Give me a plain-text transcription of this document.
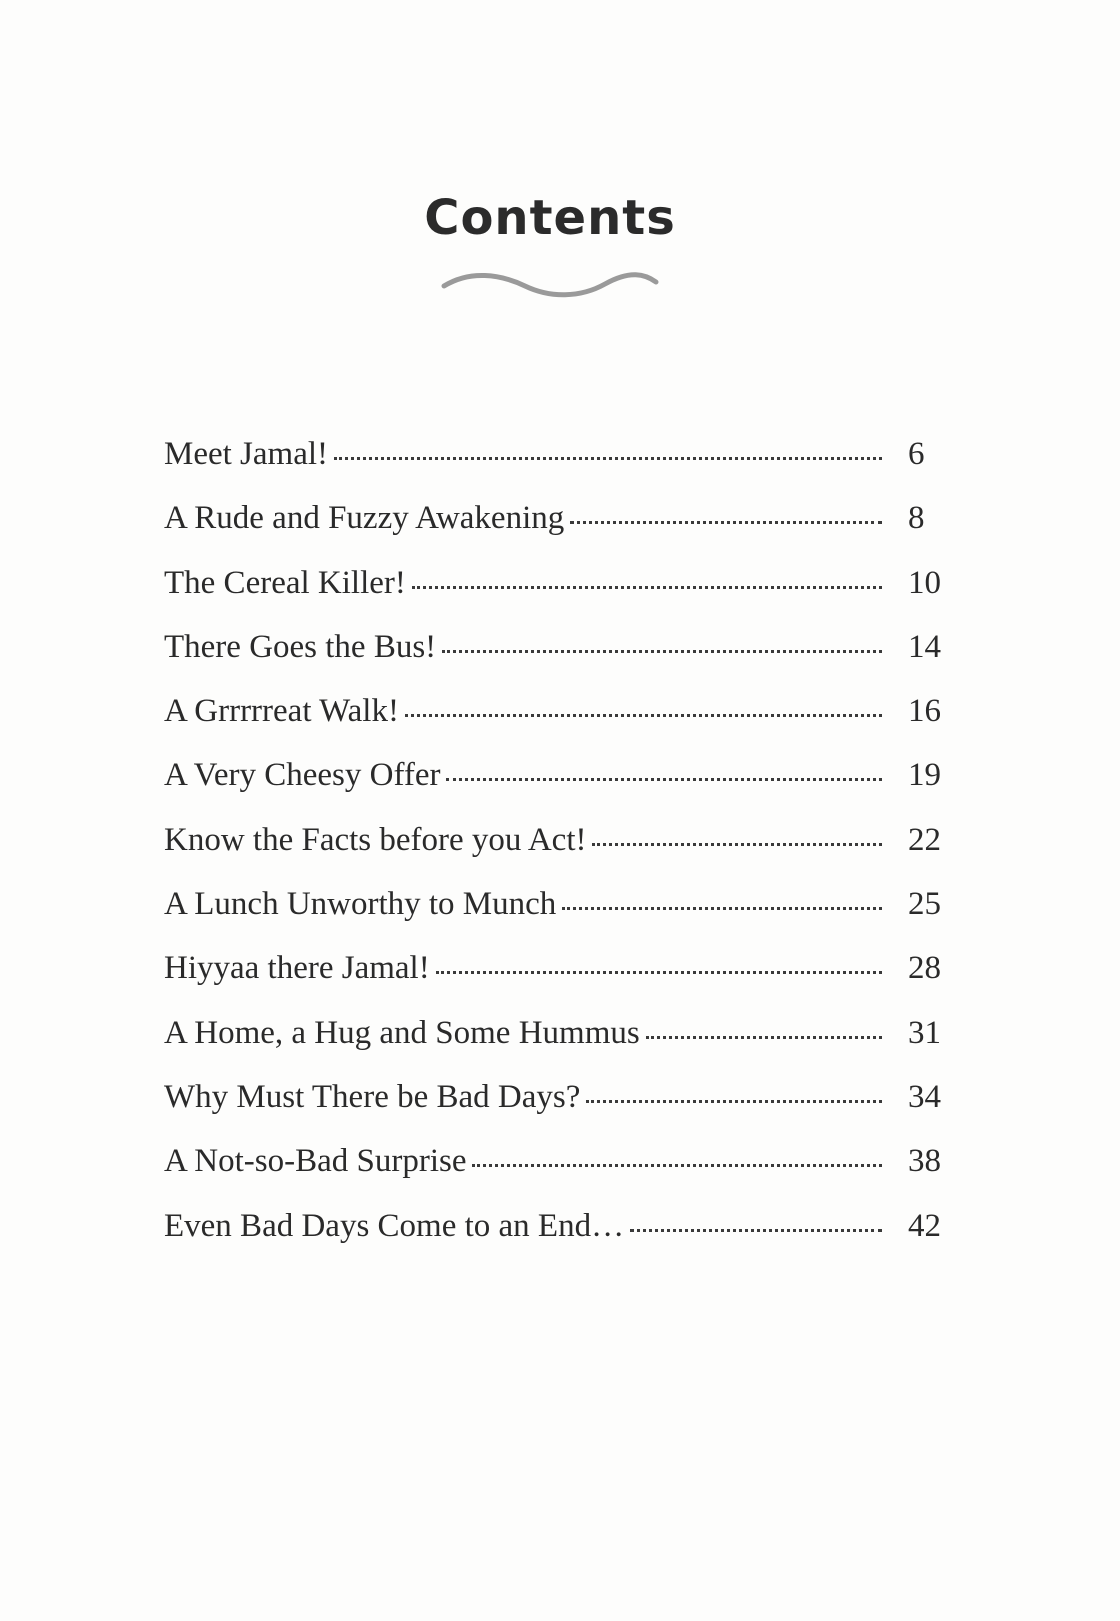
Contents
Meet Jamal!	6
A Rude and Fuzzy Awakening	8
The Cereal Killer!	10
There Goes the Bus!	14
A Grrrrreat Walk!	16
A Very Cheesy Offer	19
Know the Facts before you Act!	22
A Lunch Unworthy to Munch	25
Hiyyaa there Jamal!	28
A Home, a Hug and Some Hummus	31
Why Must There be Bad Days?	34
A Not-so-Bad Surprise	38
Even Bad Days Come to an End…	42
